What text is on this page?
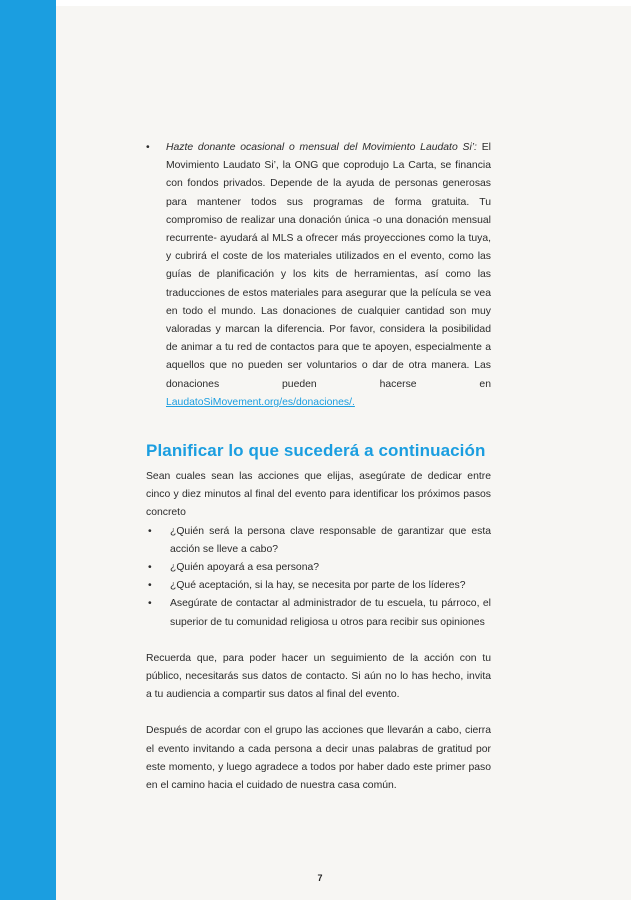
• Hazte donante ocasional o mensual del Movimiento Laudato Si’: El Movimiento Laudato Si’, la ONG que coprodujo La Carta, se financia con fondos privados. Depende de la ayuda de personas generosas para mantener todos sus programas de forma gratuita. Tu compromiso de realizar una donación única -o una donación mensual recurrente- ayudará al MLS a ofrecer más proyecciones como la tuya, y cubrirá el coste de los materiales utilizados en el evento, como las guías de planificación y los kits de herramientas, así como las traducciones de estos materiales para asegurar que la película se vea en todo el mundo. Las donaciones de cualquier cantidad son muy valoradas y marcan la diferencia. Por favor, considera la posibilidad de animar a tu red de contactos para que te apoyen, especialmente a aquellos que no pueden ser voluntarios o dar de otra manera. Las donaciones pueden hacerse en LaudatoSiMovement.org/es/donaciones/.

Planificar lo que sucederá a continuación

Sean cuales sean las acciones que elijas, asegúrate de dedicar entre cinco y diez minutos al final del evento para identificar los próximos pasos concreto

• ¿Quién será la persona clave responsable de garantizar que esta acción se lleve a cabo?

• ¿Quién apoyará a esa persona?

• ¿Qué aceptación, si la hay, se necesita por parte de los líderes?

• Asegúrate de contactar al administrador de tu escuela, tu párroco, el superior de tu comunidad religiosa u otros para recibir sus opiniones

Recuerda que, para poder hacer un seguimiento de la acción con tu público, necesitarás sus datos de contacto. Si aún no lo has hecho, invita a tu audiencia a compartir sus datos al final del evento.

Después de acordar con el grupo las acciones que llevarán a cabo, cierra el evento invitando a cada persona a decir unas palabras de gratitud por este momento, y luego agradece a todos por haber dado este primer paso en el camino hacia el cuidado de nuestra casa común.

7
